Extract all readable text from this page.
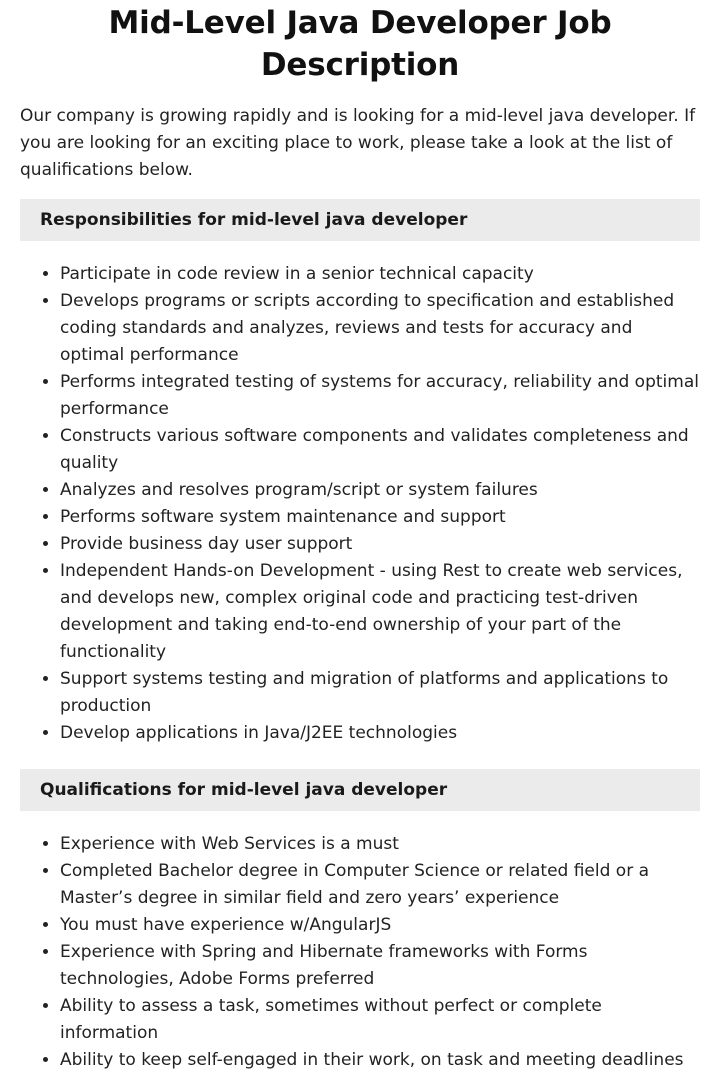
Mid-Level Java Developer Job Description

Our company is growing rapidly and is looking for a mid-level java developer. If you are looking for an exciting place to work, please take a look at the list of qualifications below.

Responsibilities for mid-level java developer
• Participate in code review in a senior technical capacity
• Develops programs or scripts according to specification and established coding standards and analyzes, reviews and tests for accuracy and optimal performance
• Performs integrated testing of systems for accuracy, reliability and optimal performance
• Constructs various software components and validates completeness and quality
• Analyzes and resolves program/script or system failures
• Performs software system maintenance and support
• Provide business day user support
• Independent Hands-on Development - using Rest to create web services, and develops new, complex original code and practicing test-driven development and taking end-to-end ownership of your part of the functionality
• Support systems testing and migration of platforms and applications to production
• Develop applications in Java/J2EE technologies
Qualifications for mid-level java developer
• Experience with Web Services is a must
• Completed Bachelor degree in Computer Science or related field or a Master’s degree in similar field and zero years’ experience
• You must have experience w/AngularJS
• Experience with Spring and Hibernate frameworks with Forms technologies, Adobe Forms preferred
• Ability to assess a task, sometimes without perfect or complete information
• Ability to keep self-engaged in their work, on task and meeting deadlines
